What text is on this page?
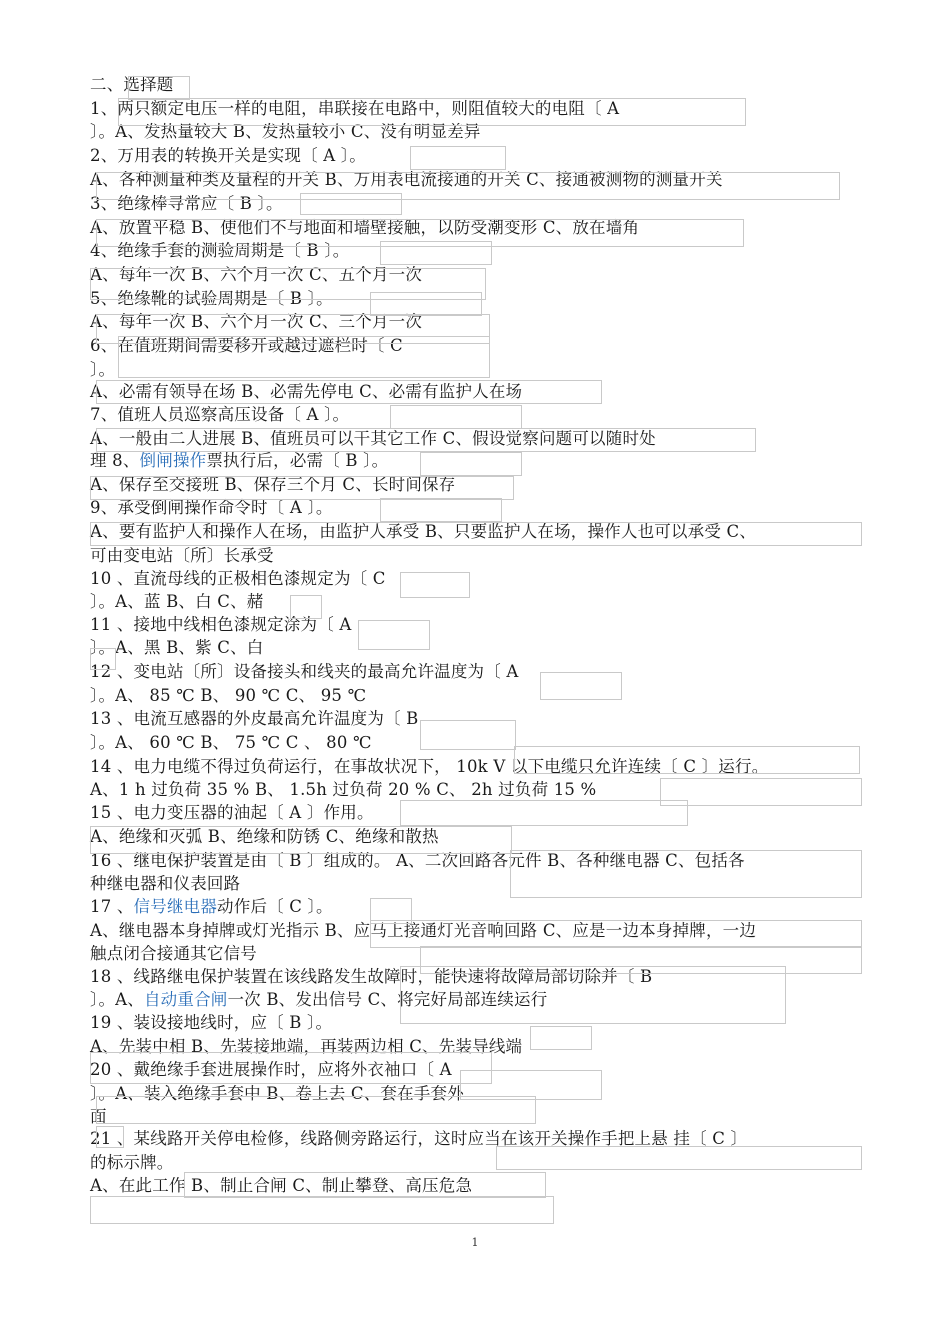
二、选择题
1、两只额定电压一样的电阻，串联接在电路中，则阻值较大的电阻〔 A
〕。A、发热量较大 B、发热量较小 C、没有明显差异
2、万用表的转换开关是实现〔 A 〕。
A、各种测量种类及量程的开关 B、万用表电流接通的开关 C、接通被测物的测量开关
3、绝缘棒寻常应〔 B 〕。
A、放置平稳 B、使他们不与地面和墙壁接触，以防受潮变形 C、放在墙角
4、绝缘手套的测验周期是〔 B 〕。
A、每年一次 B、六个月一次 C、五个月一次
5、绝缘靴的试验周期是〔 B 〕。
A、每年一次 B、六个月一次 C、三个月一次
6、在值班期间需要移开或越过遮栏时〔 C
〕。
A、必需有领导在场 B、必需先停电 C、必需有监护人在场
7、值班人员巡察高压设备〔 A 〕。
A、一般由二人进展 B、值班员可以干其它工作 C、假设觉察问题可以随时处
理 8、倒闸操作票执行后，必需〔 B 〕。
A、保存至交接班 B、保存三个月 C、长时间保存
9、承受倒闸操作命令时〔 A 〕。
A、要有监护人和操作人在场，由监护人承受 B、只要监护人在场，操作人也可以承受 C、
可由变电站〔所〕长承受
10 、直流母线的正极相色漆规定为〔 C
〕。A、蓝 B、白 C、赭
11 、接地中线相色漆规定涂为〔 A
〕。A、黑 B、紫 C、白
12 、变电站〔所〕设备接头和线夹的最高允许温度为〔 A
〕。A、 85 ℃ B、 90 ℃ C、 95 ℃
13 、电流互感器的外皮最高允许温度为〔 B
〕。A、 60 ℃ B、 75 ℃ C 、 80 ℃
14 、电力电缆不得过负荷运行，在事故状况下， 10k V 以下电缆只允许连续〔 C 〕运行。
A、1 h 过负荷 35 % B、 1.5h 过负荷 20 % C、 2h 过负荷 15 %
15 、电力变压器的油起〔 A 〕作用。
A、绝缘和灭弧 B、绝缘和防锈 C、绝缘和散热
16 、继电保护装置是由〔 B 〕组成的。 A、二次回路各元件 B、各种继电器 C、包括各
种继电器和仪表回路
17 、信号继电器动作后〔 C 〕。
A、继电器本身掉牌或灯光指示 B、应马上接通灯光音响回路 C、应是一边本身掉牌，一边
触点闭合接通其它信号
18 、线路继电保护装置在该线路发生故障时，能快速将故障局部切除并〔 B
〕。A、自动重合闸一次 B、发出信号 C、将完好局部连续运行
19 、装设接地线时，应〔 B 〕。
A、先装中相 B、先装接地端，再装两边相 C、先装导线端
20 、戴绝缘手套进展操作时，应将外衣袖口〔 A
〕。A、装入绝缘手套中 B、卷上去 C、套在手套外
面
21 、某线路开关停电检修，线路侧旁路运行，这时应当在该开关操作手把上悬 挂〔 C 〕
的标示牌。
A、在此工作 B、制止合闸 C、制止攀登、高压危急
1
